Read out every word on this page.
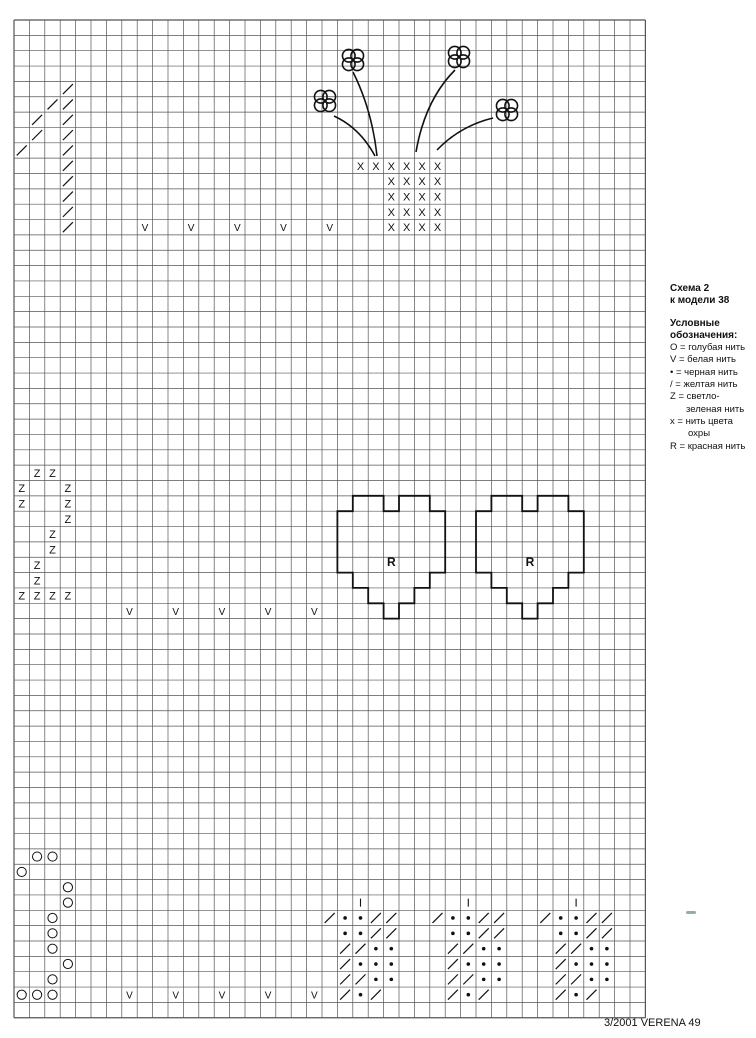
V	V	V	V	V
V	V	V	V	V
V	V	V	V	V
X X X X X X
X X X X
X X X X
X X X X
X X X X
Z Z
Z	Z
Z	Z
Z
Z
Z
Z
Z
Z Z Z Z
R	R
Схема 2
к модели 38
Условные
обозначения:
O = голубая нить
V = белая нить
• = черная нить
/ = желтая нить
Z = светло-
зеленая нить
x = нить цвета
охры
R = красная нить
3/2001 VERENA 49
